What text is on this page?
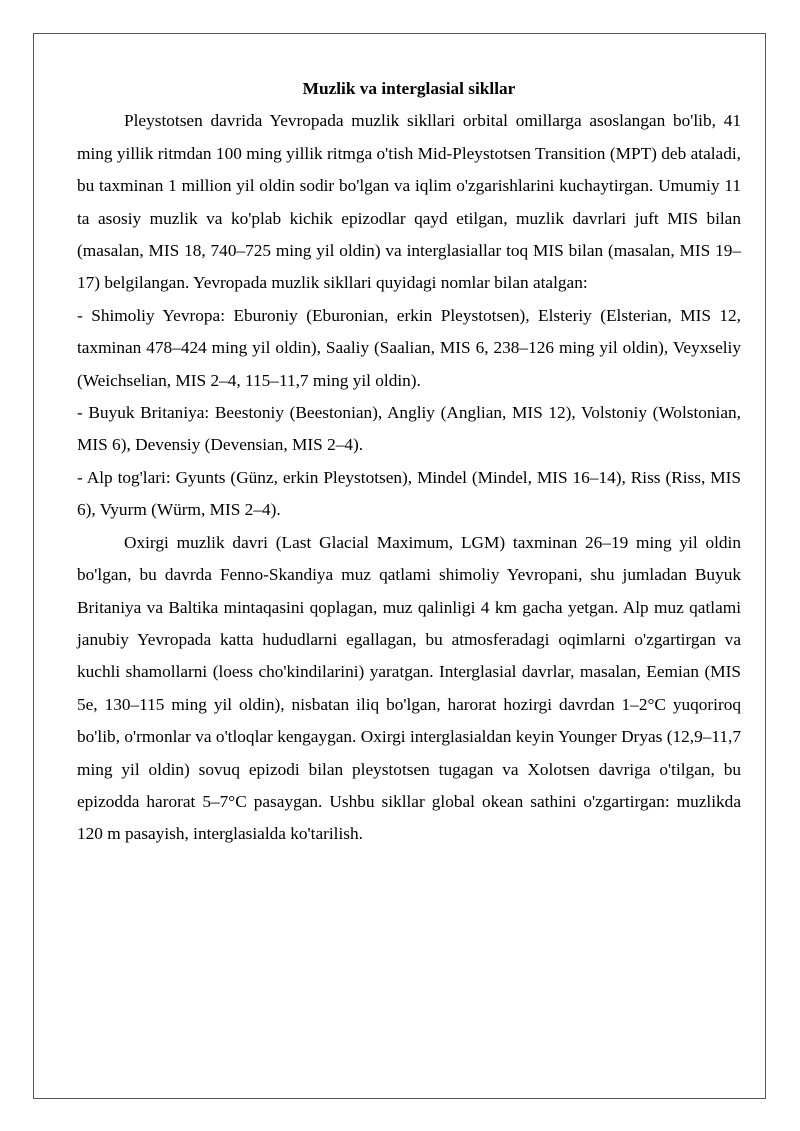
Muzlik va interglasial sikllar

Pleystotsen davrida Yevropada muzlik sikllari orbital omillarga asoslangan bo'lib, 41 ming yillik ritmdan 100 ming yillik ritmga o'tish Mid-Pleystotsen Transition (MPT) deb ataladi, bu taxminan 1 million yil oldin sodir bo'lgan va iqlim o'zgarishlarini kuchaytirgan. Umumiy 11 ta asosiy muzlik va ko'plab kichik epizodlar qayd etilgan, muzlik davrlari juft MIS bilan (masalan, MIS 18, 740–725 ming yil oldin) va interglasiallar toq MIS bilan (masalan, MIS 19–17) belgilangan. Yevropada muzlik sikllari quyidagi nomlar bilan atalgan:

- Shimoliy Yevropa: Eburoniy (Eburonian, erkin Pleystotsen), Elsteriy (Elsterian, MIS 12, taxminan 478–424 ming yil oldin), Saaliy (Saalian, MIS 6, 238–126 ming yil oldin), Veyxseliy (Weichselian, MIS 2–4, 115–11,7 ming yil oldin).

- Buyuk Britaniya: Beestoniy (Beestonian), Angliy (Anglian, MIS 12), Volstoniy (Wolstonian, MIS 6), Devensiy (Devensian, MIS 2–4).

- Alp tog'lari: Gyunts (Günz, erkin Pleystotsen), Mindel (Mindel, MIS 16–14), Riss (Riss, MIS 6), Vyurm (Würm, MIS 2–4).

Oxirgi muzlik davri (Last Glacial Maximum, LGM) taxminan 26–19 ming yil oldin bo'lgan, bu davrda Fenno-Skandiya muz qatlami shimoliy Yevropani, shu jumladan Buyuk Britaniya va Baltika mintaqasini qoplagan, muz qalinligi 4 km gacha yetgan. Alp muz qatlami janubiy Yevropada katta hududlarni egallagan, bu atmosferadagi oqimlarni o'zgartirgan va kuchli shamollarni (loess cho'kindilarini) yaratgan. Interglasial davrlar, masalan, Eemian (MIS 5e, 130–115 ming yil oldin), nisbatan iliq bo'lgan, harorat hozirgi davrdan 1–2°C yuqoriroq bo'lib, o'rmonlar va o'tloqlar kengaygan. Oxirgi interglasialdan keyin Younger Dryas (12,9–11,7 ming yil oldin) sovuq epizodi bilan pleystotsen tugagan va Xolotsen davriga o'tilgan, bu epizodda harorat 5–7°C pasaygan. Ushbu sikllar global okean sathini o'zgartirgan: muzlikda 120 m pasayish, interglasialda ko'tarilish.
